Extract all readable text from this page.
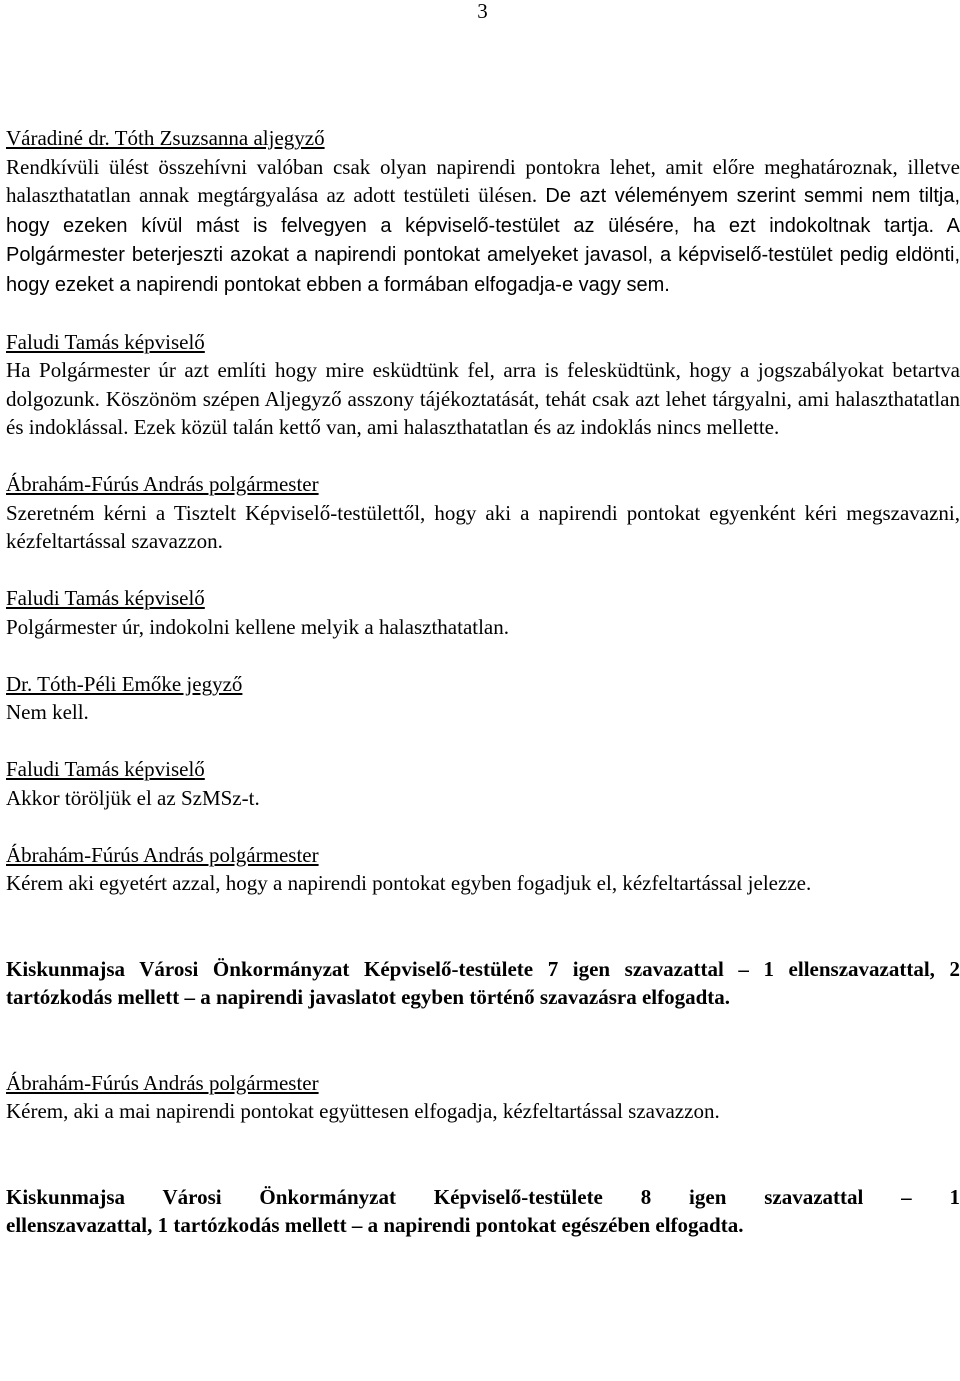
3
Váradiné dr. Tóth Zsuzsanna aljegyző

Rendkívüli ülést összehívni valóban csak olyan napirendi pontokra lehet, amit előre meghatároznak, illetve halaszthatatlan annak megtárgyalása az adott testületi ülésen. De azt véleményem szerint semmi nem tiltja, hogy ezeken kívül mást is felvegyen a képviselő-testület az ülésére, ha ezt indokoltnak tartja. A Polgármester beterjeszti azokat a napirendi pontokat amelyeket javasol, a képviselő-testület pedig eldönti, hogy ezeket a napirendi pontokat ebben a formában elfogadja-e vagy sem.

Faludi Tamás képviselő

Ha Polgármester úr azt említi hogy mire esküdtünk fel, arra is felesküdtünk, hogy a jogszabályokat betartva dolgozunk. Köszönöm szépen Aljegyző asszony tájékoztatását, tehát csak azt lehet tárgyalni, ami halaszthatatlan és indoklással. Ezek közül talán kettő van, ami halaszthatatlan és az indoklás nincs mellette.

Ábrahám-Fúrús András polgármester

Szeretném kérni a Tisztelt Képviselő-testülettől, hogy aki a napirendi pontokat egyenként kéri megszavazni, kézfeltartással szavazzon.

Faludi Tamás képviselő

Polgármester úr, indokolni kellene melyik a halaszthatatlan.

Dr. Tóth-Péli Emőke jegyző

Nem kell.

Faludi Tamás képviselő

Akkor töröljük el az SzMSz-t.

Ábrahám-Fúrús András polgármester

Kérem aki egyetért azzal, hogy a napirendi pontokat egyben fogadjuk el, kézfeltartással jelezze.

Kiskunmajsa Városi Önkormányzat Képviselő-testülete 7 igen szavazattal – 1 ellenszavazattal, 2 tartózkodás mellett – a napirendi javaslatot egyben történő szavazásra elfogadta.

Ábrahám-Fúrús András polgármester

Kérem, aki a mai napirendi pontokat együttesen elfogadja, kézfeltartással szavazzon.

Kiskunmajsa Városi Önkormányzat Képviselő-testülete 8 igen szavazattal – 1
ellenszavazattal, 1 tartózkodás mellett – a napirendi pontokat egészében elfogadta.
